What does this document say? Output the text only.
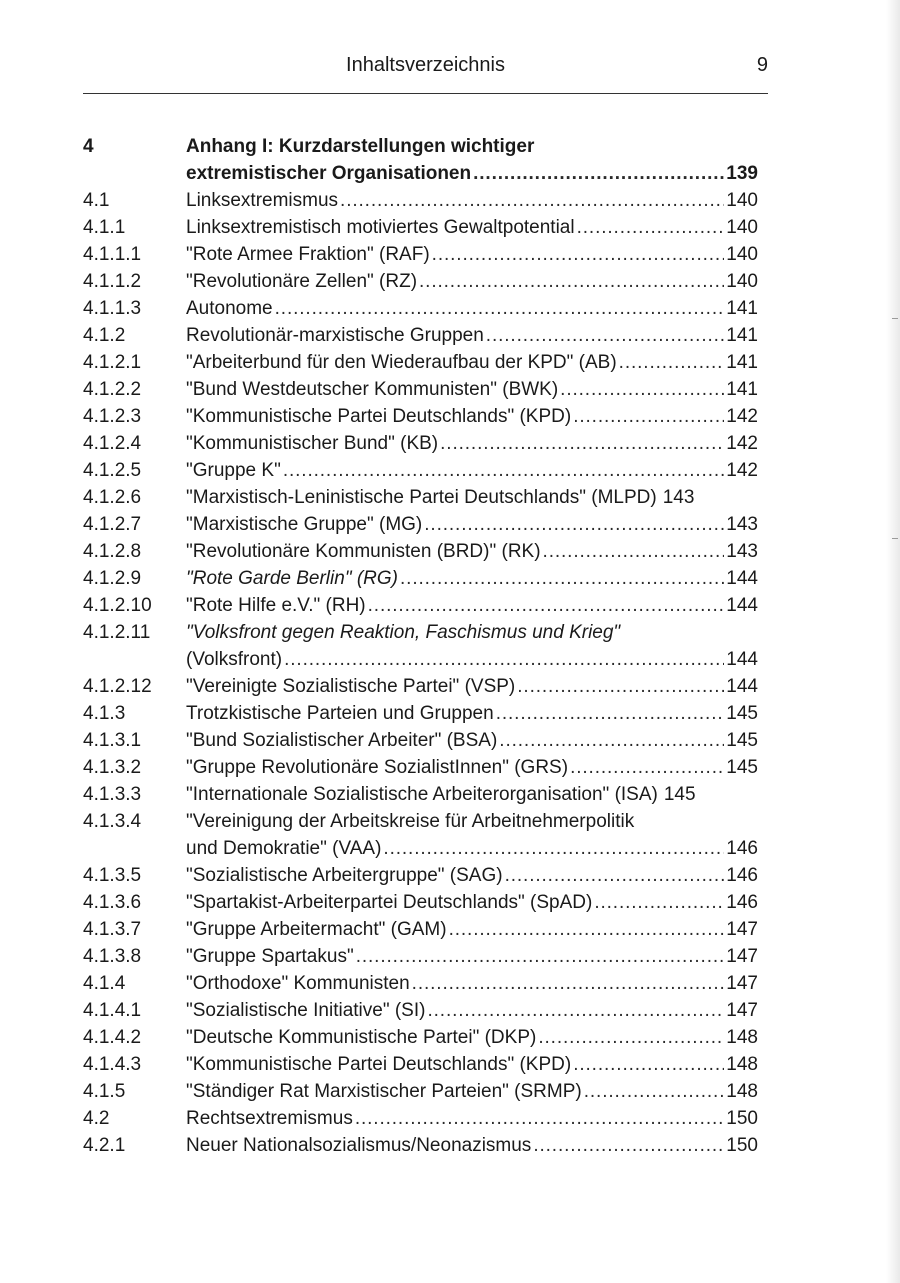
Inhaltsverzeichnis	9
4	Anhang I: Kurzdarstellungen wichtiger
extremistischer Organisationen . . .	139
4.1	Linksextremismus . . .	140
4.1.1	Linksextremistisch motiviertes Gewaltpotential . . .	140
4.1.1.1	"Rote Armee Fraktion" (RAF) . . .	140
4.1.1.2	"Revolutionäre Zellen" (RZ) . . .	140
4.1.1.3	Autonome . . .	141
4.1.2	Revolutionär-marxistische Gruppen . . .	141
4.1.2.1	"Arbeiterbund für den Wiederaufbau der KPD" (AB) . . .	141
4.1.2.2	"Bund Westdeutscher Kommunisten" (BWK) . . .	141
4.1.2.3	"Kommunistische Partei Deutschlands" (KPD) . . .	142
4.1.2.4	"Kommunistischer Bund" (KB) . . .	142
4.1.2.5	"Gruppe K" . . .	142
4.1.2.6	"Marxistisch-Leninistische Partei Deutschlands" (MLPD) 143
4.1.2.7	"Marxistische Gruppe" (MG) . . .	143
4.1.2.8	"Revolutionäre Kommunisten (BRD)" (RK) . . .	143
4.1.2.9	"Rote Garde Berlin" (RG) . . .	144
4.1.2.10	"Rote Hilfe e.V." (RH) . . .	144
4.1.2.11	"Volksfront gegen Reaktion, Faschismus und Krieg"
(Volksfront) . . .	144
4.1.2.12	"Vereinigte Sozialistische Partei" (VSP) . . .	144
4.1.3	Trotzkistische Parteien und Gruppen . . .	145
4.1.3.1	"Bund Sozialistischer Arbeiter" (BSA) . . .	145
4.1.3.2	"Gruppe Revolutionäre SozialistInnen" (GRS) . . .	145
4.1.3.3	"Internationale Sozialistische Arbeiterorganisation" (ISA) 145
4.1.3.4	"Vereinigung der Arbeitskreise für Arbeitnehmerpolitik
und Demokratie" (VAA) . . .	146
4.1.3.5	"Sozialistische Arbeitergruppe" (SAG) . . .	146
4.1.3.6	"Spartakist-Arbeiterpartei Deutschlands" (SpAD) . . .	146
4.1.3.7	"Gruppe Arbeitermacht" (GAM) . . .	147
4.1.3.8	"Gruppe Spartakus" . . .	147
4.1.4	"Orthodoxe" Kommunisten . . .	147
4.1.4.1	"Sozialistische Initiative" (SI) . . .	147
4.1.4.2	"Deutsche Kommunistische Partei" (DKP) . . .	148
4.1.4.3	"Kommunistische Partei Deutschlands" (KPD) . . .	148
4.1.5	"Ständiger Rat Marxistischer Parteien" (SRMP) . . .	148
4.2	Rechtsextremismus . . .	150
4.2.1	Neuer Nationalsozialismus/Neonazismus . . .	150
